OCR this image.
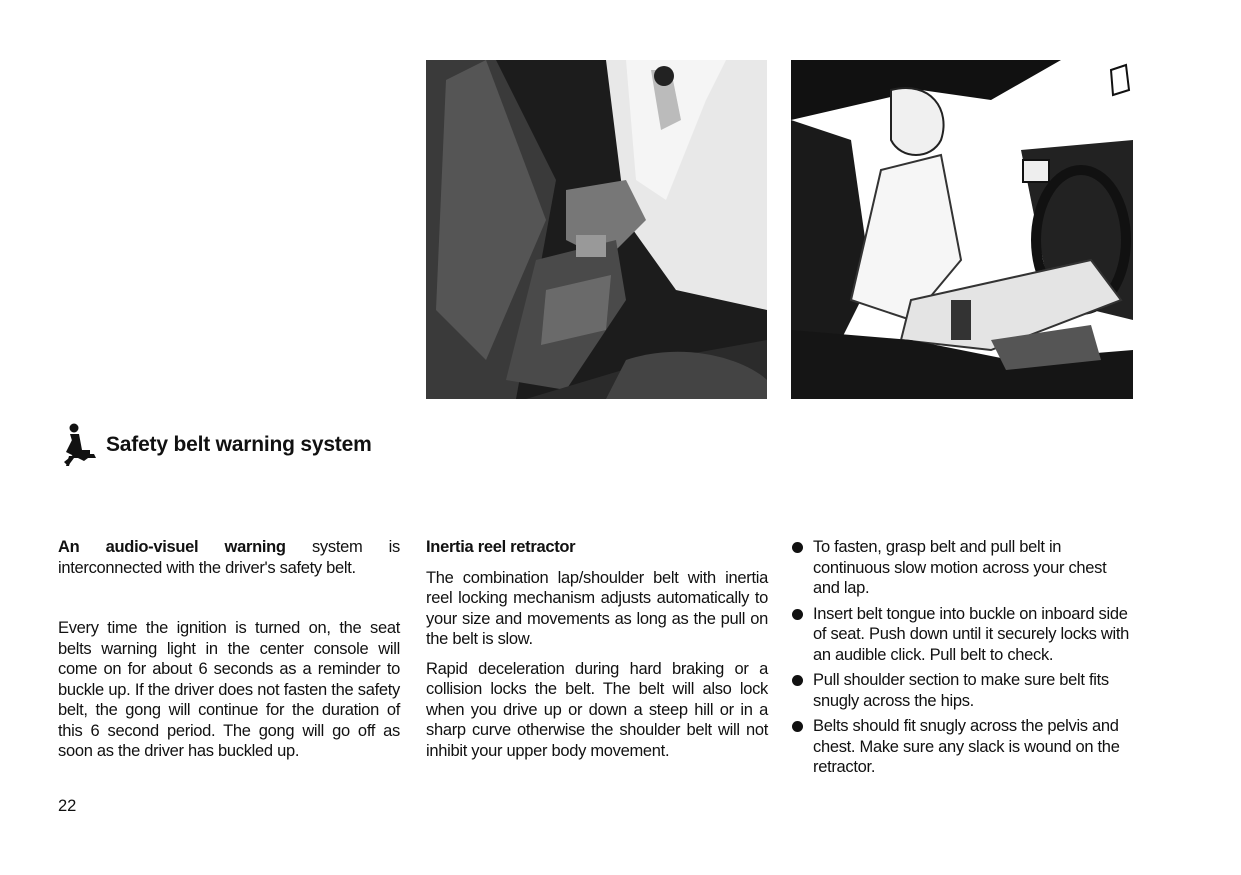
Safety belt warning system

An audio-visuel warning system is interconnected with the driver's safety belt.

Every time the ignition is turned on, the seat belts warning light in the center console will come on for about 6 seconds as a reminder to buckle up. If the driver does not fasten the safety belt, the gong will continue for the duration of this 6 second period. The gong will go off as soon as the driver has buckled up.

Inertia reel retractor

The combination lap/shoulder belt with inertia reel locking mechanism adjusts automatically to your size and movements as long as the pull on the belt is slow.

Rapid deceleration during hard braking or a collision locks the belt. The belt will also lock when you drive up or down a steep hill or in a sharp curve otherwise the shoulder belt will not inhibit your upper body movement.

To fasten, grasp belt and pull belt in continuous slow motion across your chest and lap.
Insert belt tongue into buckle on inboard side of seat. Push down until it securely locks with an audible click. Pull belt to check.
Pull shoulder section to make sure belt fits snugly across the hips.
Belts should fit snugly across the pelvis and chest. Make sure any slack is wound on the retractor.
22
